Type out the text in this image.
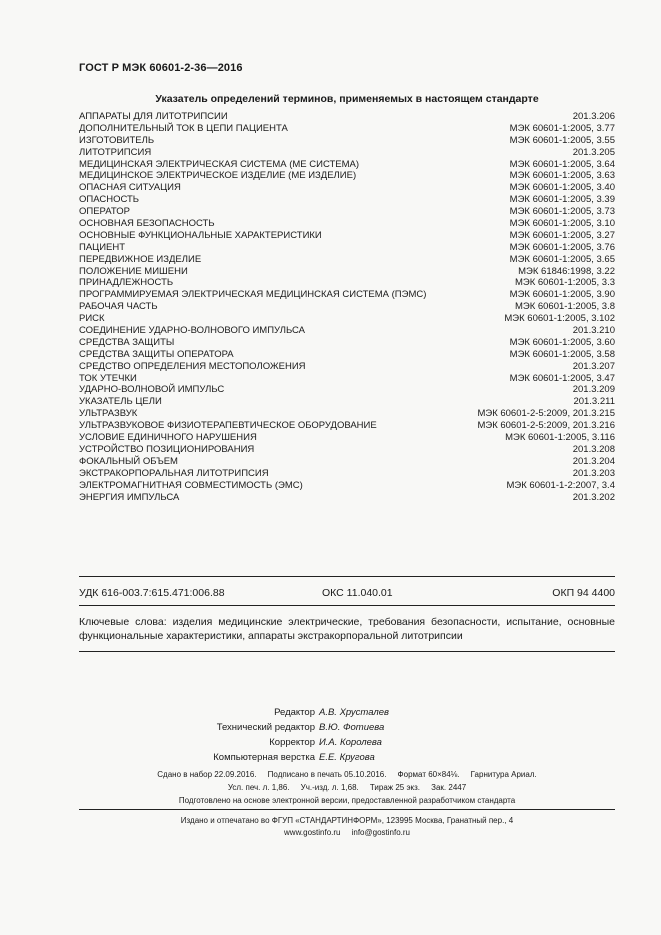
ГОСТ Р МЭК 60601-2-36—2016
Указатель определений терминов, применяемых в настоящем стандарте
АППАРАТЫ ДЛЯ ЛИТОТРИПСИИ	201.3.206
ДОПОЛНИТЕЛЬНЫЙ ТОК В ЦЕПИ ПАЦИЕНТА	МЭК 60601-1:2005, 3.77
ИЗГОТОВИТЕЛЬ	МЭК 60601-1:2005, 3.55
ЛИТОТРИПСИЯ	201.3.205
МЕДИЦИНСКАЯ ЭЛЕКТРИЧЕСКАЯ СИСТЕМА (МЕ СИСТЕМА)	МЭК 60601-1:2005, 3.64
МЕДИЦИНСКОЕ ЭЛЕКТРИЧЕСКОЕ ИЗДЕЛИЕ (МЕ ИЗДЕЛИЕ)	МЭК 60601-1:2005, 3.63
ОПАСНАЯ СИТУАЦИЯ	МЭК 60601-1:2005, 3.40
ОПАСНОСТЬ	МЭК 60601-1:2005, 3.39
ОПЕРАТОР	МЭК 60601-1:2005, 3.73
ОСНОВНАЯ БЕЗОПАСНОСТЬ	МЭК 60601-1:2005, 3.10
ОСНОВНЫЕ ФУНКЦИОНАЛЬНЫЕ ХАРАКТЕРИСТИКИ	МЭК 60601-1:2005, 3.27
ПАЦИЕНТ	МЭК 60601-1:2005, 3.76
ПЕРЕДВИЖНОЕ ИЗДЕЛИЕ	МЭК 60601-1:2005, 3.65
ПОЛОЖЕНИЕ МИШЕНИ	МЭК 61846:1998, 3.22
ПРИНАДЛЕЖНОСТЬ	МЭК 60601-1:2005, 3.3
ПРОГРАММИРУЕМАЯ ЭЛЕКТРИЧЕСКАЯ МЕДИЦИНСКАЯ СИСТЕМА (ПЭМС)	МЭК 60601-1:2005, 3.90
РАБОЧАЯ ЧАСТЬ	МЭК 60601-1:2005, 3.8
РИСК	МЭК 60601-1:2005, 3.102
СОЕДИНЕНИЕ УДАРНО-ВОЛНОВОГО ИМПУЛЬСА	201.3.210
СРЕДСТВА ЗАЩИТЫ	МЭК 60601-1:2005, 3.60
СРЕДСТВА ЗАЩИТЫ ОПЕРАТОРА	МЭК 60601-1:2005, 3.58
СРЕДСТВО ОПРЕДЕЛЕНИЯ МЕСТОПОЛОЖЕНИЯ	201.3.207
ТОК УТЕЧКИ	МЭК 60601-1:2005, 3.47
УДАРНО-ВОЛНОВОЙ ИМПУЛЬС	201.3.209
УКАЗАТЕЛЬ ЦЕЛИ	201.3.211
УЛЬТРАЗВУК	МЭК 60601-2-5:2009, 201.3.215
УЛЬТРАЗВУКОВОЕ ФИЗИОТЕРАПЕВТИЧЕСКОЕ ОБОРУДОВАНИЕ	МЭК 60601-2-5:2009, 201.3.216
УСЛОВИЕ ЕДИНИЧНОГО НАРУШЕНИЯ	МЭК 60601-1:2005, 3.116
УСТРОЙСТВО ПОЗИЦИОНИРОВАНИЯ	201.3.208
ФОКАЛЬНЫЙ ОБЪЕМ	201.3.204
ЭКСТРАКОРПОРАЛЬНАЯ ЛИТОТРИПСИЯ	201.3.203
ЭЛЕКТРОМАГНИТНАЯ СОВМЕСТИМОСТЬ (ЭМС)	МЭК 60601-1-2:2007, 3.4
ЭНЕРГИЯ ИМПУЛЬСА	201.3.202
УДК 616-003.7:615.471:006.88	ОКС 11.040.01	ОКП 94 4400
Ключевые слова: изделия медицинские электрические, требования безопасности, испытание, основные функциональные характеристики, аппараты экстракорпоральной литотрипсии
Редактор А.В. Хрусталев
Технический редактор В.Ю. Фотиева
Корректор И.А. Королева
Компьютерная верстка Е.Е. Кругова
Сдано в набор 22.09.2016.     Подписано в печать 05.10.2016.     Формат 60×84⅛.     Гарнитура Ариал.
Усл. печ. л. 1,86.     Уч.-изд. л. 1,68.     Тираж 25 экз.     Зак. 2447
Подготовлено на основе электронной версии, предоставленной разработчиком стандарта
Издано и отпечатано во ФГУП «СТАНДАРТИНФОРМ», 123995 Москва, Гранатный пер., 4
www.gostinfo.ru     info@gostinfo.ru
